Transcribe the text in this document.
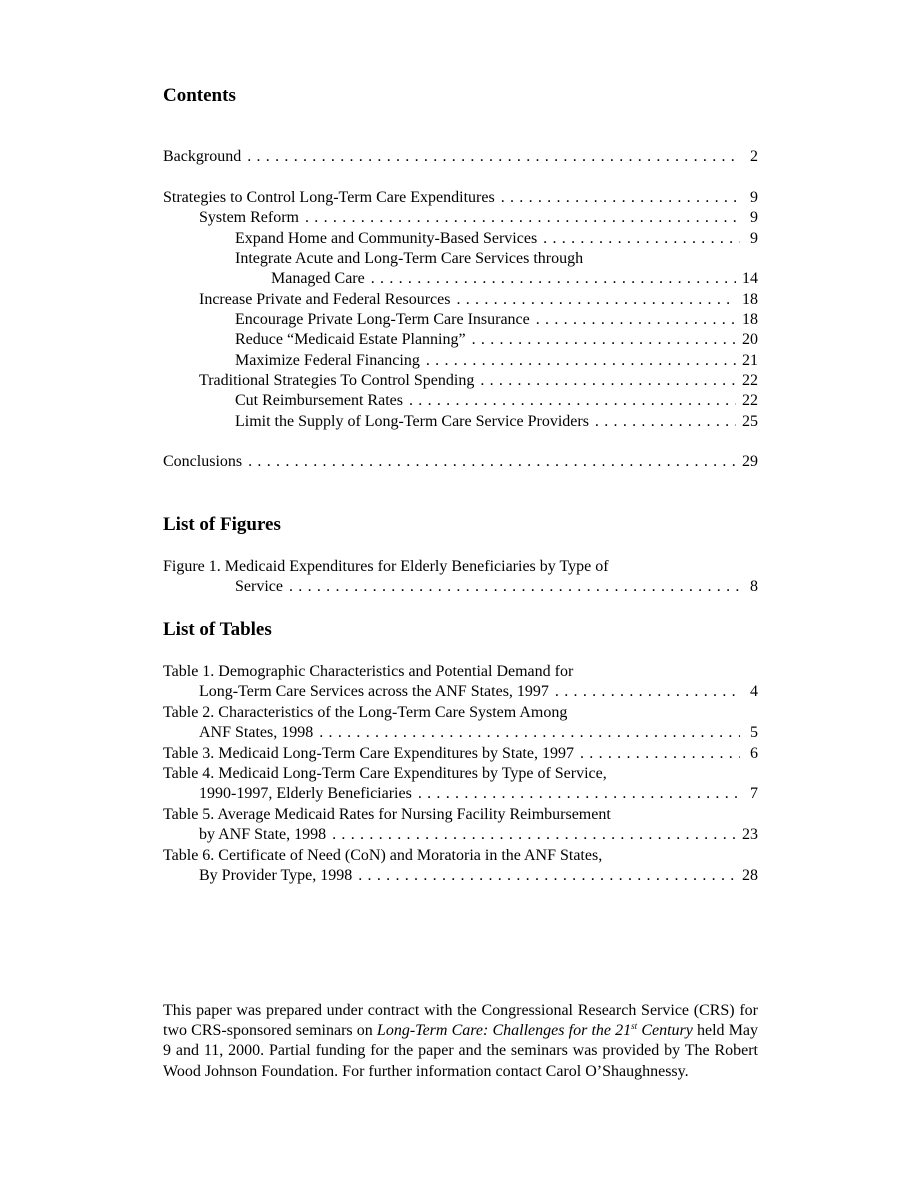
Contents
Background . . .	2
Strategies to Control Long-Term Care Expenditures . . .	9
System Reform . . .	9
Expand Home and Community-Based Services . . .	9
Integrate Acute and Long-Term Care Services through
Managed Care . . .	14
Increase Private and Federal Resources . . .	18
Encourage Private Long-Term Care Insurance . . .	18
Reduce “Medicaid Estate Planning” . . .	20
Maximize Federal Financing . . .	21
Traditional Strategies To Control Spending . . .	22
Cut Reimbursement Rates . . .	22
Limit the Supply of Long-Term Care Service Providers . . .	25
Conclusions . . .	29
List of Figures
Figure 1. Medicaid Expenditures for Elderly Beneficiaries by Type of
Service . . .	8
List of Tables
Table 1. Demographic Characteristics and Potential Demand for
Long-Term Care Services across the ANF States, 1997 . . .	4
Table 2. Characteristics of the Long-Term Care System Among
ANF States, 1998 . . .	5
Table 3. Medicaid Long-Term Care Expenditures by State, 1997 . . .	6
Table 4. Medicaid Long-Term Care Expenditures by Type of Service,
1990-1997, Elderly Beneficiaries . . .	7
Table 5. Average Medicaid Rates for Nursing Facility Reimbursement
by ANF State, 1998 . . .	23
Table 6. Certificate of Need (CoN) and Moratoria in the ANF States,
By Provider Type, 1998 . . .	28

This paper was prepared under contract with the Congressional Research Service (CRS) for two CRS-sponsored seminars on Long-Term Care: Challenges for the 21st Century held May 9 and 11, 2000. Partial funding for the paper and the seminars was provided by The Robert Wood Johnson Foundation. For further information contact Carol O’Shaughnessy.
